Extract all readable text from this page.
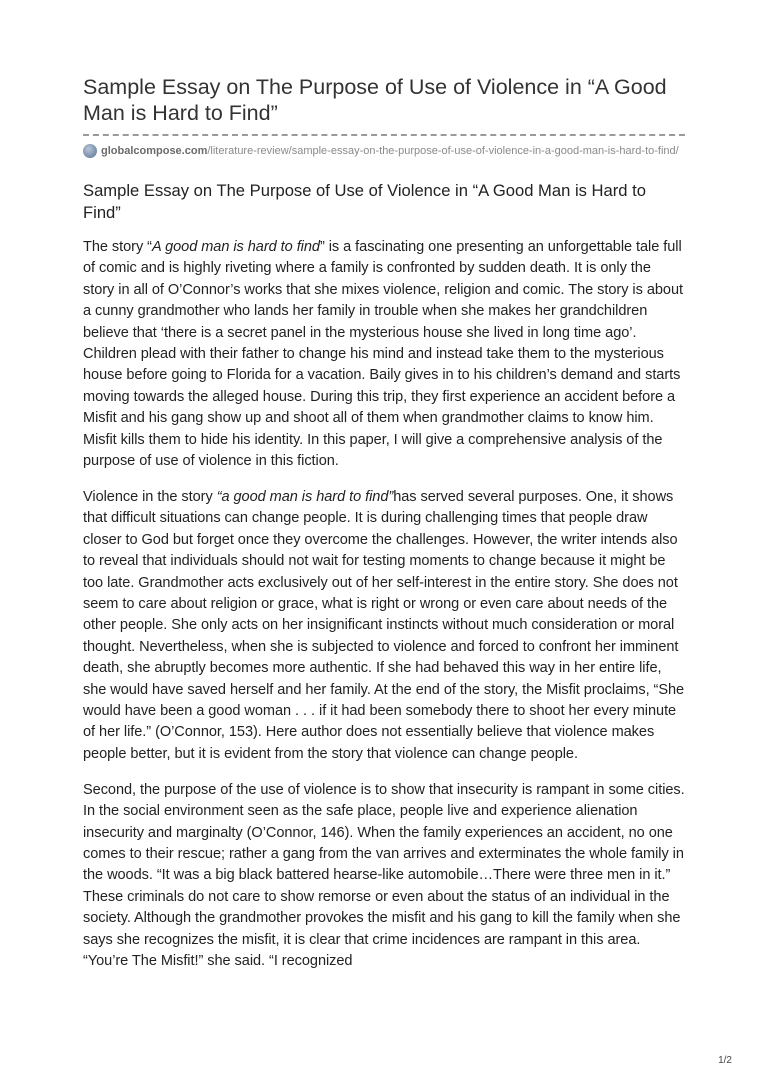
Sample Essay on The Purpose of Use of Violence in “A Good Man is Hard to Find”
globalcompose.com /literature-review/sample-essay-on-the-purpose-of-use-of-violence-in-a-good-man-is-hard-to-find/
Sample Essay on The Purpose of Use of Violence in “A Good Man is Hard to Find”

The story “A good man is hard to find” is a fascinating one presenting an unforgettable tale full of comic and is highly riveting where a family is confronted by sudden death. It is only the story in all of O’Connor’s works that she mixes violence, religion and comic. The story is about a cunny grandmother who lands her family in trouble when she makes her grandchildren believe that ‘there is a secret panel in the mysterious house she lived in long time ago’. Children plead with their father to change his mind and instead take them to the mysterious house before going to Florida for a vacation. Baily gives in to his children’s demand and starts moving towards the alleged house. During this trip, they first experience an accident before a Misfit and his gang show up and shoot all of them when grandmother claims to know him. Misfit kills them to hide his identity. In this paper, I will give a comprehensive analysis of the purpose of use of violence in this fiction.

Violence in the story “a good man is hard to find”has served several purposes. One, it shows that difficult situations can change people. It is during challenging times that people draw closer to God but forget once they overcome the challenges. However, the writer intends also to reveal that individuals should not wait for testing moments to change because it might be too late. Grandmother acts exclusively out of her self-interest in the entire story. She does not seem to care about religion or grace, what is right or wrong or even care about needs of the other people. She only acts on her insignificant instincts without much consideration or moral thought. Nevertheless, when she is subjected to violence and forced to confront her imminent death, she abruptly becomes more authentic. If she had behaved this way in her entire life, she would have saved herself and her family. At the end of the story, the Misfit proclaims, “She would have been a good woman . . . if it had been somebody there to shoot her every minute of her life.” (O’Connor, 153). Here author does not essentially believe that violence makes people better, but it is evident from the story that violence can change people.

Second, the purpose of the use of violence is to show that insecurity is rampant in some cities. In the social environment seen as the safe place, people live and experience alienation insecurity and marginalty (O’Connor, 146). When the family experiences an accident, no one comes to their rescue; rather a gang from the van arrives and exterminates the whole family in the woods. “It was a big black battered hearse-like automobile…There were three men in it.” These criminals do not care to show remorse or even about the status of an individual in the society. Although the grandmother provokes the misfit and his gang to kill the family when she says she recognizes the misfit, it is clear that crime incidences are rampant in this area. “You’re The Misfit!” she said. “I recognized

1/2
